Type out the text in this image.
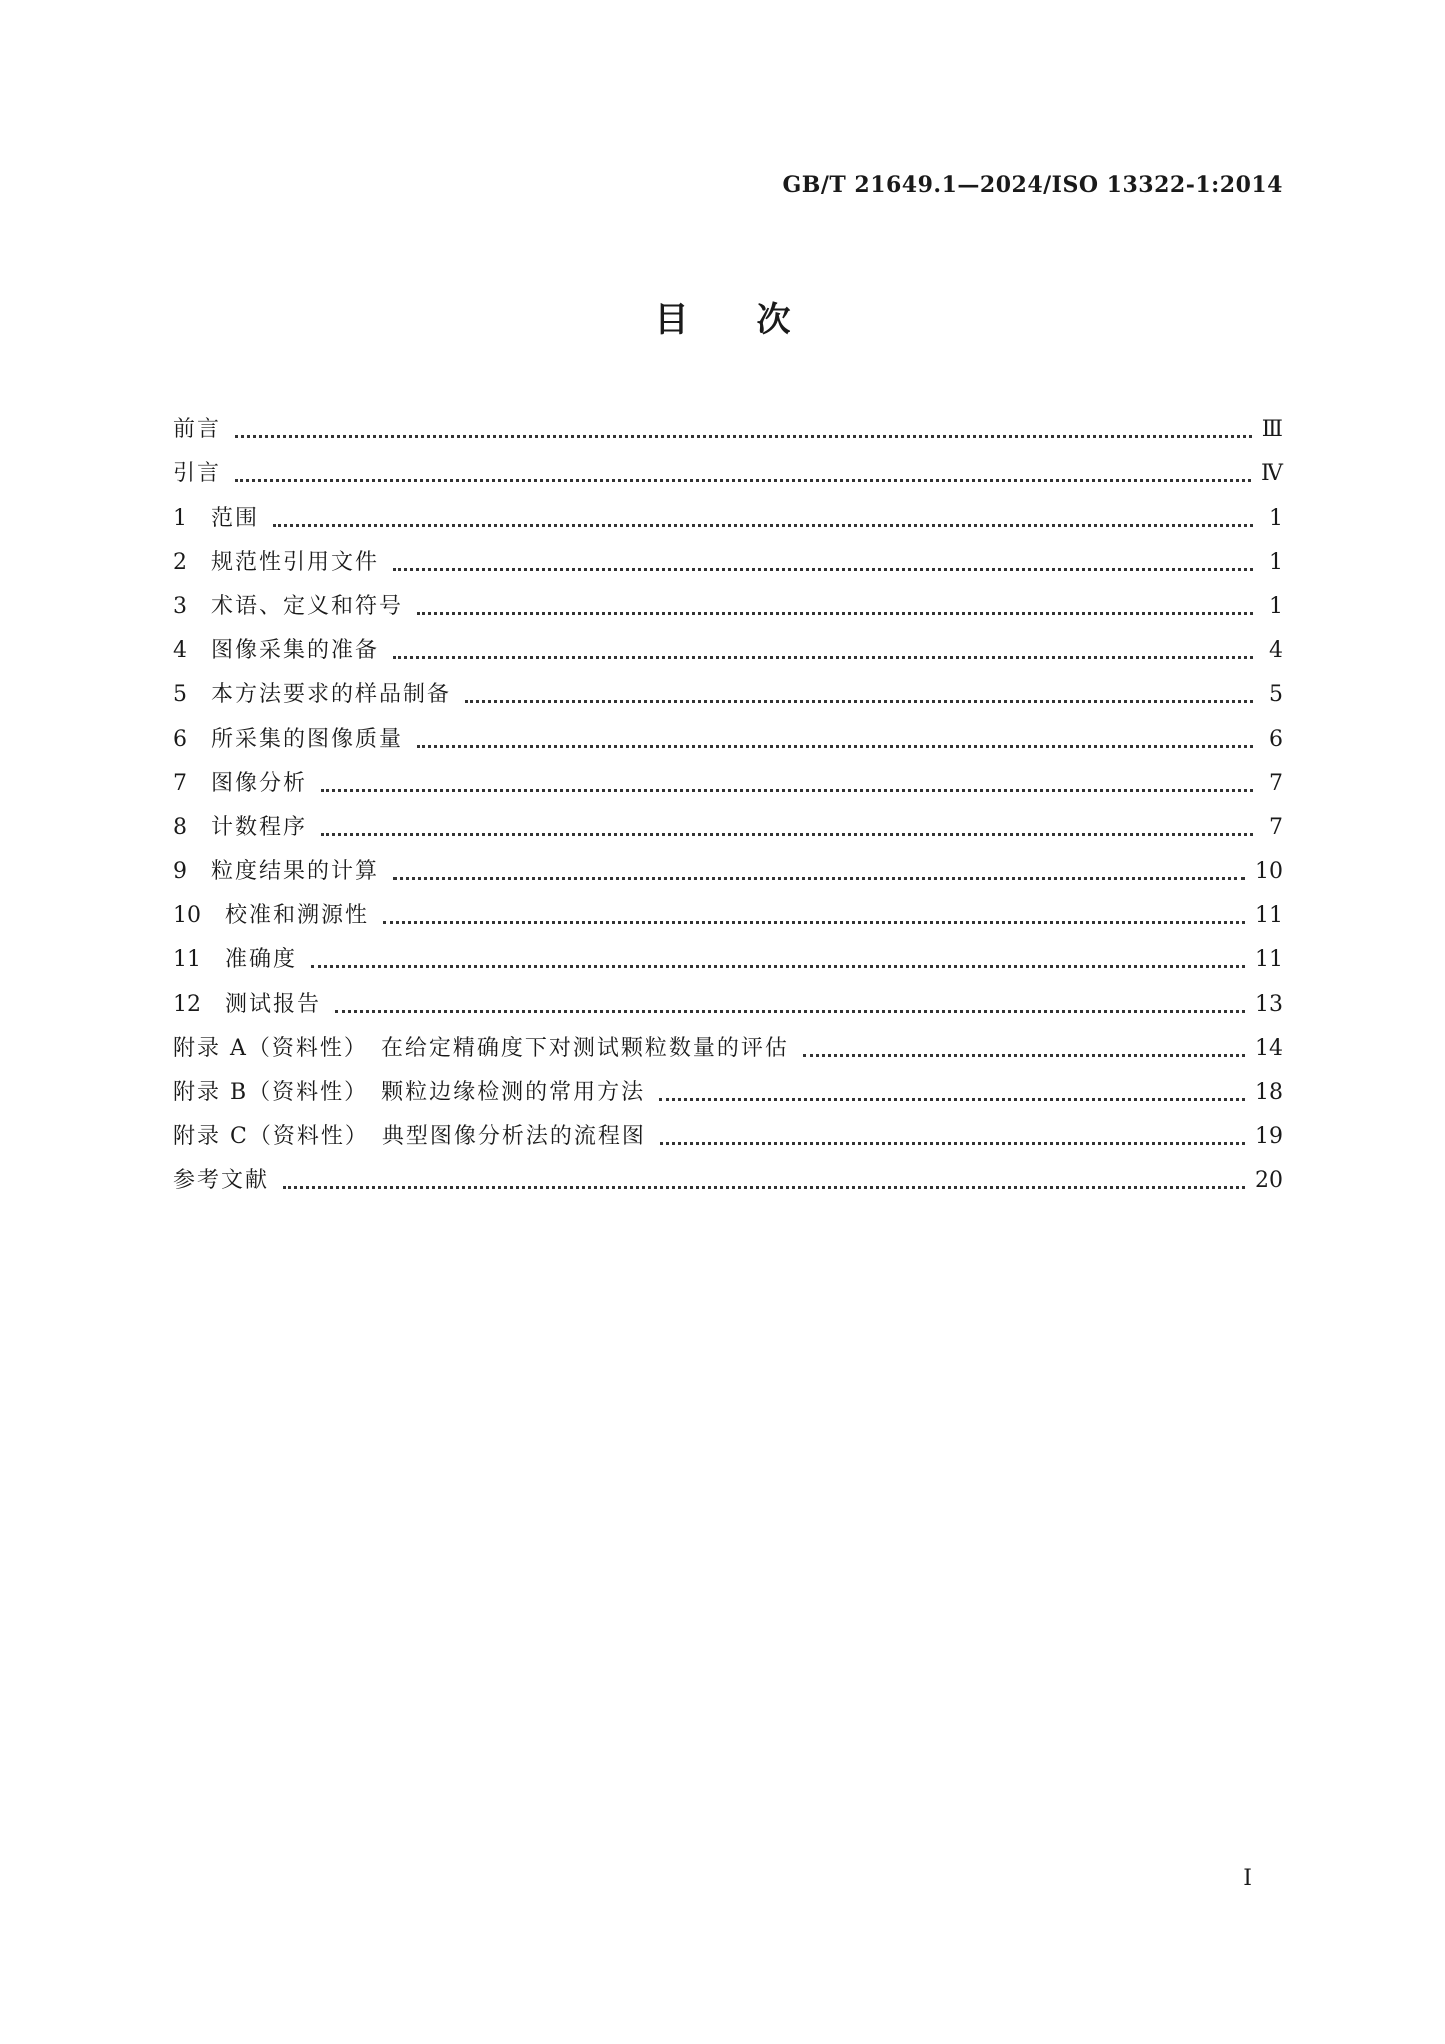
GB/T 21649.1—2024/ISO 13322-1:2014
目　　次
前言	Ⅲ
引言	Ⅳ
1	范围	1
2	规范性引用文件	1
3	术语、定义和符号	1
4	图像采集的准备	4
5	本方法要求的样品制备	5
6	所采集的图像质量	6
7	图像分析	7
8	计数程序	7
9	粒度结果的计算	10
10	校准和溯源性	11
11	准确度	11
12	测试报告	13
附录 A（资料性）　在给定精确度下对测试颗粒数量的评估	14
附录 B（资料性）　颗粒边缘检测的常用方法	18
附录 C（资料性）　典型图像分析法的流程图	19
参考文献	20
I
